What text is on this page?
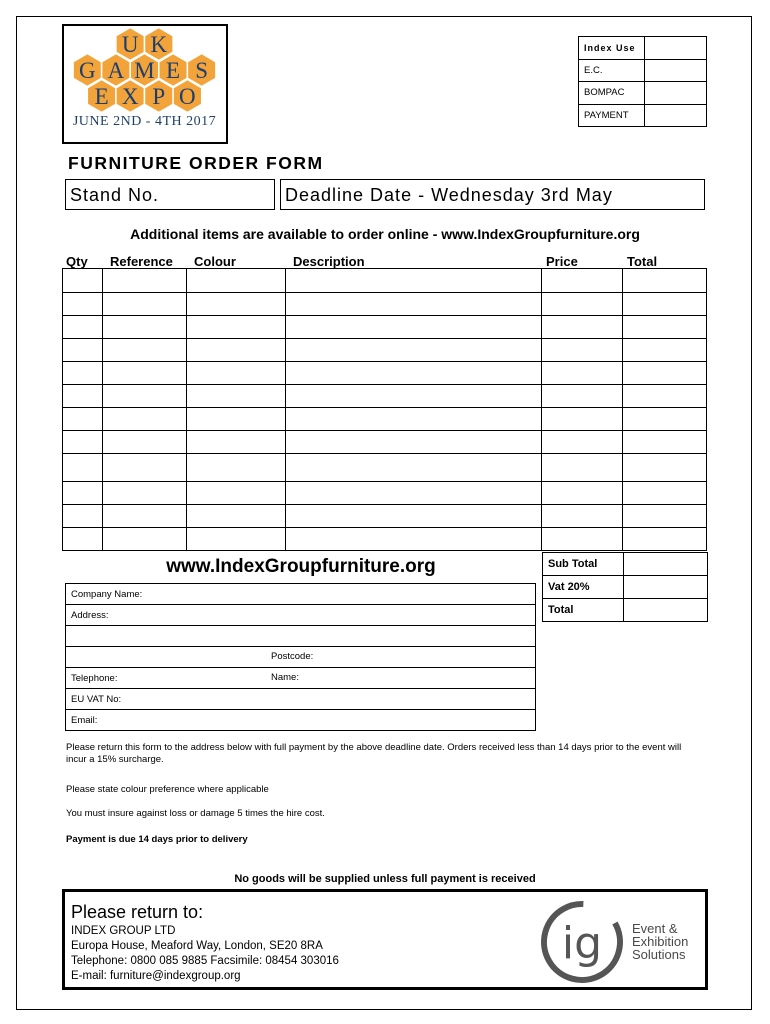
U K
G A M E S
E X P O
JUNE 2ND - 4TH 2017
Index Use	
E.C.	
BOMPAC	
PAYMENT	
FURNITURE ORDER FORM
Stand No.	Deadline Date - Wednesday 3rd May
Additional items are available to order online - www.IndexGroupfurniture.org
Qty Reference Colour	Description	Price	Total

www.IndexGroupfurniture.org	Sub Total	
Vat 20%	
Total	
Company Name:
Address:

Postcode:

Telephone:	Name:

EU VAT No:
Email:
Please return this form to the address below with full payment by the above deadline date. Orders received less than 14 days prior to the event will
incur a 15% surcharge.
Please state colour preference where applicable
You must insure against loss or damage 5 times the hire cost.
Payment is due 14 days prior to delivery
No goods will be supplied unless full payment is received
Please return to:
INDEX GROUP LTD
Europa House, Meaford Way, London, SE20 8RA
Telephone: 0800 085 9885 Facsimile: 08454 303016
E-mail: furniture@indexgroup.org
ig Event &
Exhibition
Solutions
